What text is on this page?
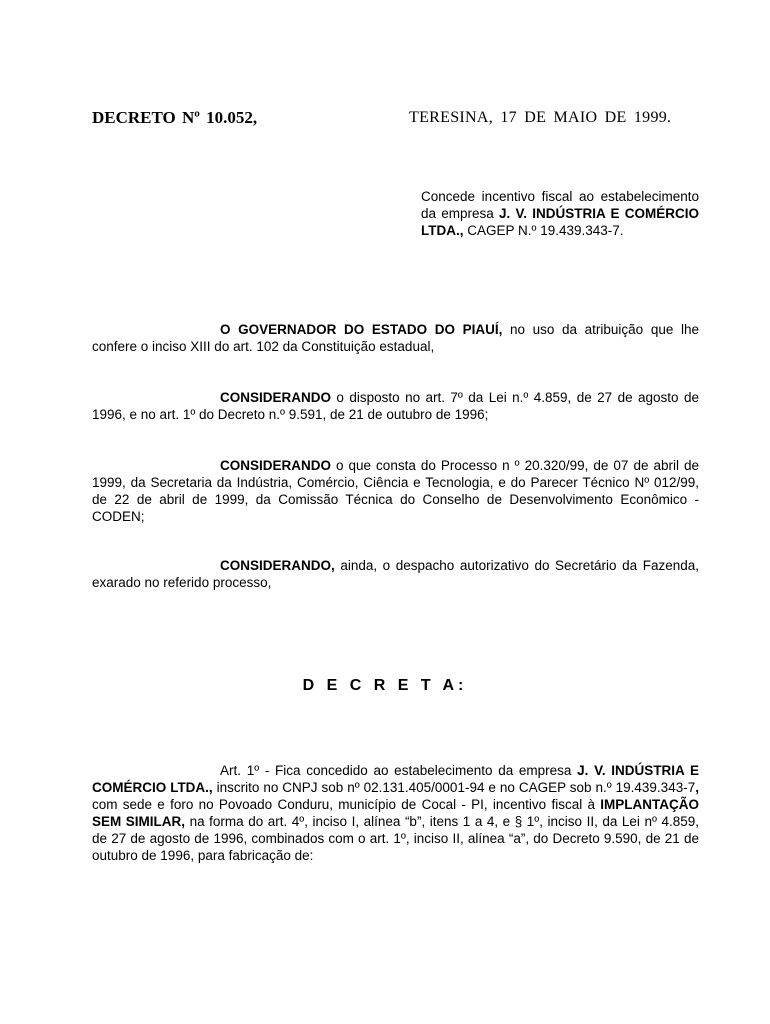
DECRETO Nº 10.052,	TERESINA, 17 DE MAIO DE 1999.
Concede incentivo fiscal ao estabelecimento da empresa J. V. INDÚSTRIA E COMÉRCIO LTDA., CAGEP N.º 19.439.343-7.
O GOVERNADOR DO ESTADO DO PIAUÍ, no uso da atribuição que lhe confere o inciso XIII do art. 102 da Constituição estadual,
CONSIDERANDO o disposto no art. 7º da Lei n.º 4.859, de 27 de agosto de 1996, e no art. 1º do Decreto n.º 9.591, de 21 de outubro de 1996;
CONSIDERANDO o que consta do Processo n º 20.320/99, de 07 de abril de 1999, da Secretaria da Indústria, Comércio, Ciência e Tecnologia, e do Parecer Técnico Nº 012/99, de 22 de abril de 1999, da Comissão Técnica do Conselho de Desenvolvimento Econômico - CODEN;
CONSIDERANDO, ainda, o despacho autorizativo do Secretário da Fazenda, exarado no referido processo,
D E C R E T A:
Art. 1º - Fica concedido ao estabelecimento da empresa J. V. INDÚSTRIA E COMÉRCIO LTDA., inscrito no CNPJ sob nº 02.131.405/0001-94 e no CAGEP sob n.º 19.439.343-7, com sede e foro no Povoado Conduru, município de Cocal - PI, incentivo fiscal à IMPLANTAÇÃO SEM SIMILAR, na forma do art. 4º, inciso I, alínea “b”, itens 1 a 4, e § 1º, inciso II, da Lei nº 4.859, de 27 de agosto de 1996, combinados com o art. 1º, inciso II, alínea “a”, do Decreto 9.590, de 21 de outubro de 1996, para fabricação de:
